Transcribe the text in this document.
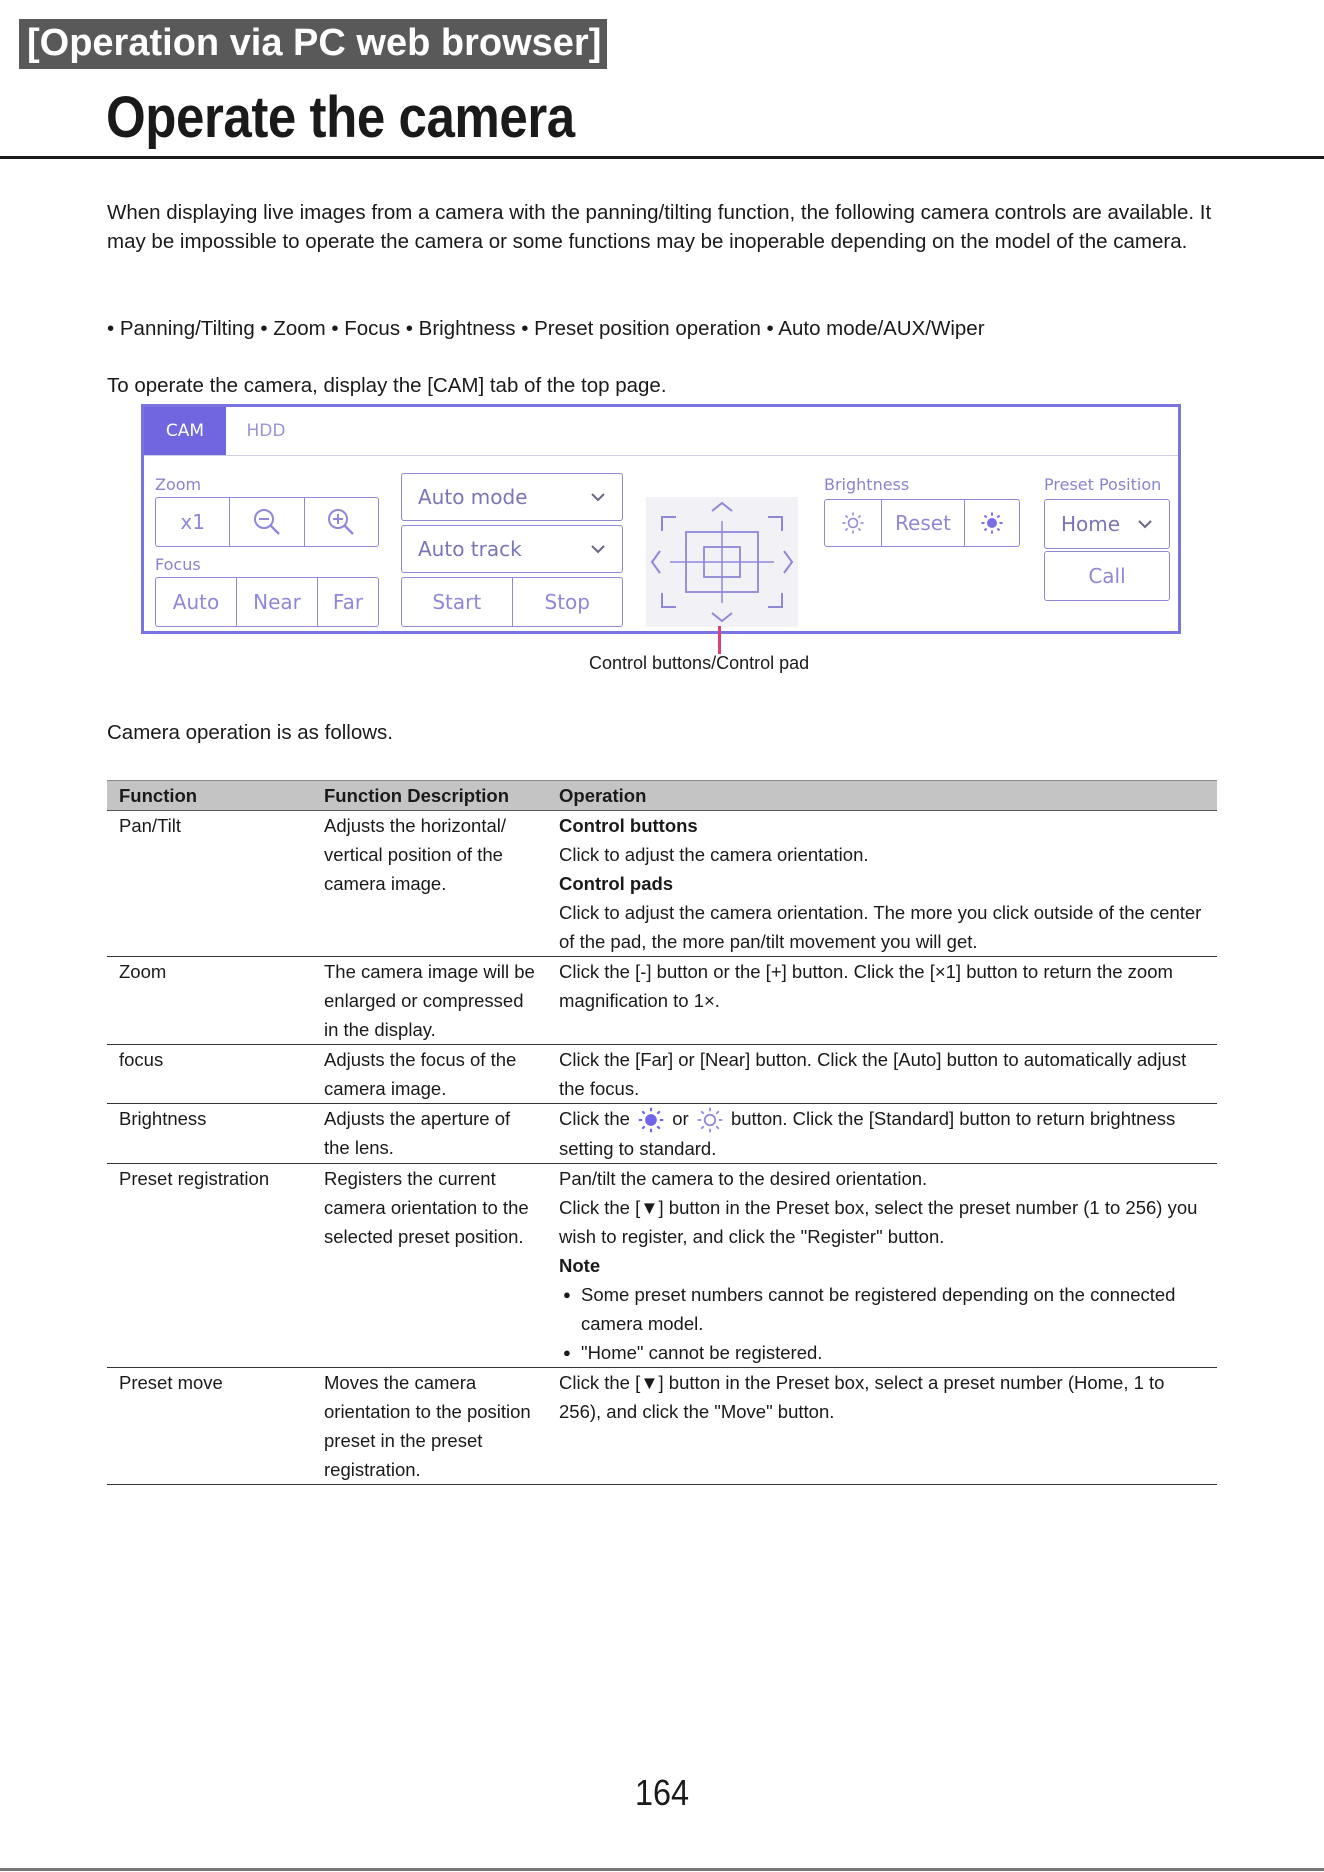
[Operation via PC web browser]
Operate the camera

When displaying live images from a camera with the panning/tilting function, the following camera controls are available. It may be impossible to operate the camera or some functions may be inoperable depending on the model of the camera.

• Panning/Tilting • Zoom • Focus • Brightness • Preset position operation • Auto mode/AUX/Wiper

To operate the camera, display the [CAM] tab of the top page.

CAM	HDD
Zoom
x1
Focus
Auto	Near	Far
Auto mode
Auto track
Start	Stop
Brightness
Reset
Preset Position
Home
Call

Control buttons/Control pad

Camera operation is as follows.

Function	Function Description	Operation
Pan/Tilt	Adjusts the horizontal/ vertical position of the camera image.	Control buttons
Click to adjust the camera orientation.
Control pads
Click to adjust the camera orientation. The more you click outside of the center of the pad, the more pan/tilt movement you will get.

Zoom	The camera image will be enlarged or compressed in the display.	Click the [-] button or the [+] button. Click the [×1] button to return the zoom magnification to 1×.
focus	Adjusts the focus of the camera image.	Click the [Far] or [Near] button. Click the [Auto] button to automatically adjust the focus.
Brightness	Adjusts the aperture of the lens.	Click the or button. Click the [Standard] button to return brightness setting to standard.
Preset registration	Registers the current camera orientation to the selected preset position.	Pan/tilt the camera to the desired orientation.
Click the [▼] button in the Preset box, select the preset number (1 to 256) you wish to register, and click the "Register" button.
Note
● Some preset numbers cannot be registered depending on the connected camera model.
● "Home" cannot be registered.

Preset move	Moves the camera orientation to the position preset in the preset registration.	Click the [▼] button in the Preset box, select a preset number (Home, 1 to 256), and click the "Move" button.

164
